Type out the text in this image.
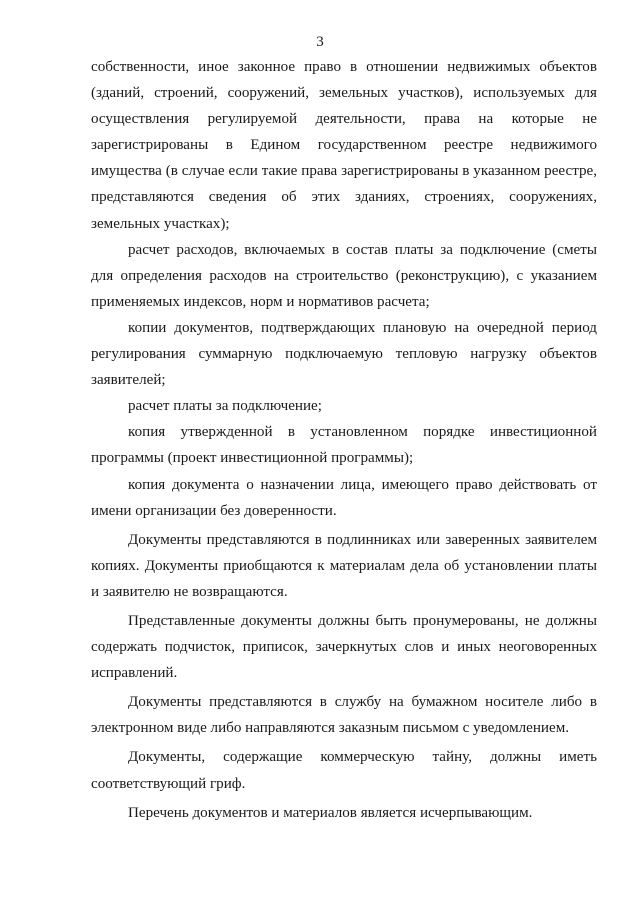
3

собственности, иное законное право в отношении недвижимых объектов (зданий, строений, сооружений, земельных участков), используемых для осуществления регулируемой деятельности, права на которые не зарегистрированы в Едином государственном реестре недвижимого имущества (в случае если такие права зарегистрированы в указанном реестре, представляются сведения об этих зданиях, строениях, сооружениях, земельных участках);

расчет расходов, включаемых в состав платы за подключение (сметы для определения расходов на строительство (реконструкцию), с указанием применяемых индексов, норм и нормативов расчета;

копии документов, подтверждающих плановую на очередной период регулирования суммарную подключаемую тепловую нагрузку объектов заявителей;

расчет платы за подключение;

копия утвержденной в установленном порядке инвестиционной программы (проект инвестиционной программы);

копия документа о назначении лица, имеющего право действовать от имени организации без доверенности.

Документы представляются в подлинниках или заверенных заявителем копиях. Документы приобщаются к материалам дела об установлении платы и заявителю не возвращаются.

Представленные документы должны быть пронумерованы, не должны содержать подчисток, приписок, зачеркнутых слов и иных неоговоренных исправлений.

Документы представляются в службу на бумажном носителе либо в электронном виде либо направляются заказным письмом с уведомлением.

Документы, содержащие коммерческую тайну, должны иметь соответствующий гриф.

Перечень документов и материалов является исчерпывающим.
